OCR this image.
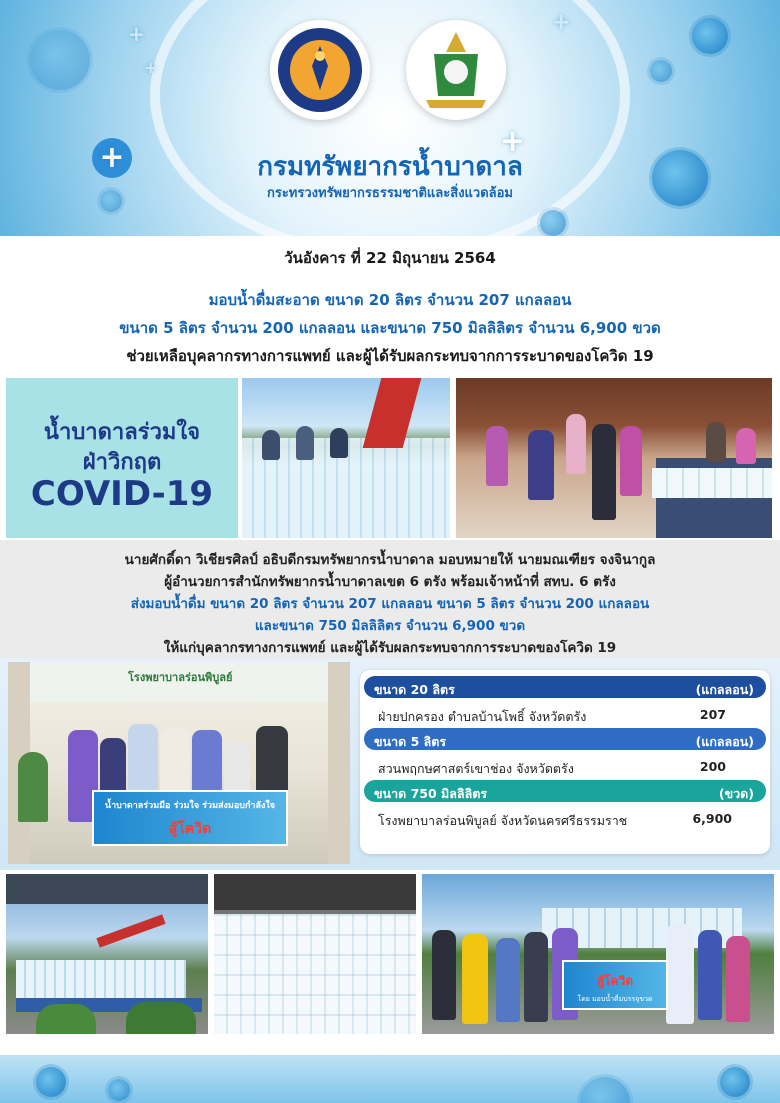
+
+
+
+
+
กรมทรัพยากรน้ำบาดาล
กระทรวงทรัพยากรธรรมชาติและสิ่งแวดล้อม
วันอังคาร ที่ 22 มิถุนายน 2564
มอบน้ำดื่มสะอาด ขนาด 20 ลิตร จำนวน 207 แกลลอน
ขนาด 5 ลิตร จำนวน 200 แกลลอน และขนาด 750 มิลลิลิตร จำนวน 6,900 ขวด
ช่วยเหลือบุคลากรทางการแพทย์ และผู้ได้รับผลกระทบจากการระบาดของโควิด 19
น้ำบาดาลร่วมใจ
ฝ่าวิกฤต
COVID-19
นายศักดิ์ดา วิเชียรศิลป์ อธิบดีกรมทรัพยากรน้ำบาดาล มอบหมายให้ นายมณเฑียร จงจินากูล
ผู้อำนวยการสำนักทรัพยากรน้ำบาดาลเขต 6 ตรัง พร้อมเจ้าหน้าที่ สทบ. 6 ตรัง
ส่งมอบน้ำดื่ม ขนาด 20 ลิตร จำนวน 207 แกลลอน ขนาด 5 ลิตร จำนวน 200 แกลลอน
และขนาด 750 มิลลิลิตร จำนวน 6,900 ขวด
ให้แก่บุคลากรทางการแพทย์ และผู้ได้รับผลกระทบจากการระบาดของโควิด 19
โรงพยาบาลร่อนพิบูลย์
น้ำบาดาลร่วมมือ ร่วมใจ ร่วมส่งมอบกำลังใจ
สู้โควิด
ขนาด 20 ลิตร	(แกลลอน)
ฝ่ายปกครอง ตำบลบ้านโพธิ์ จังหวัดตรัง	207
ขนาด 5 ลิตร	(แกลลอน)
สวนพฤกษศาสตร์เขาช่อง จังหวัดตรัง	200
ขนาด 750 มิลลิลิตร	(ขวด)
โรงพยาบาลร่อนพิบูลย์ จังหวัดนครศรีธรรมราช	6,900
สู้โควิด
โดย มอบน้ำดื่มบรรจุขวด
